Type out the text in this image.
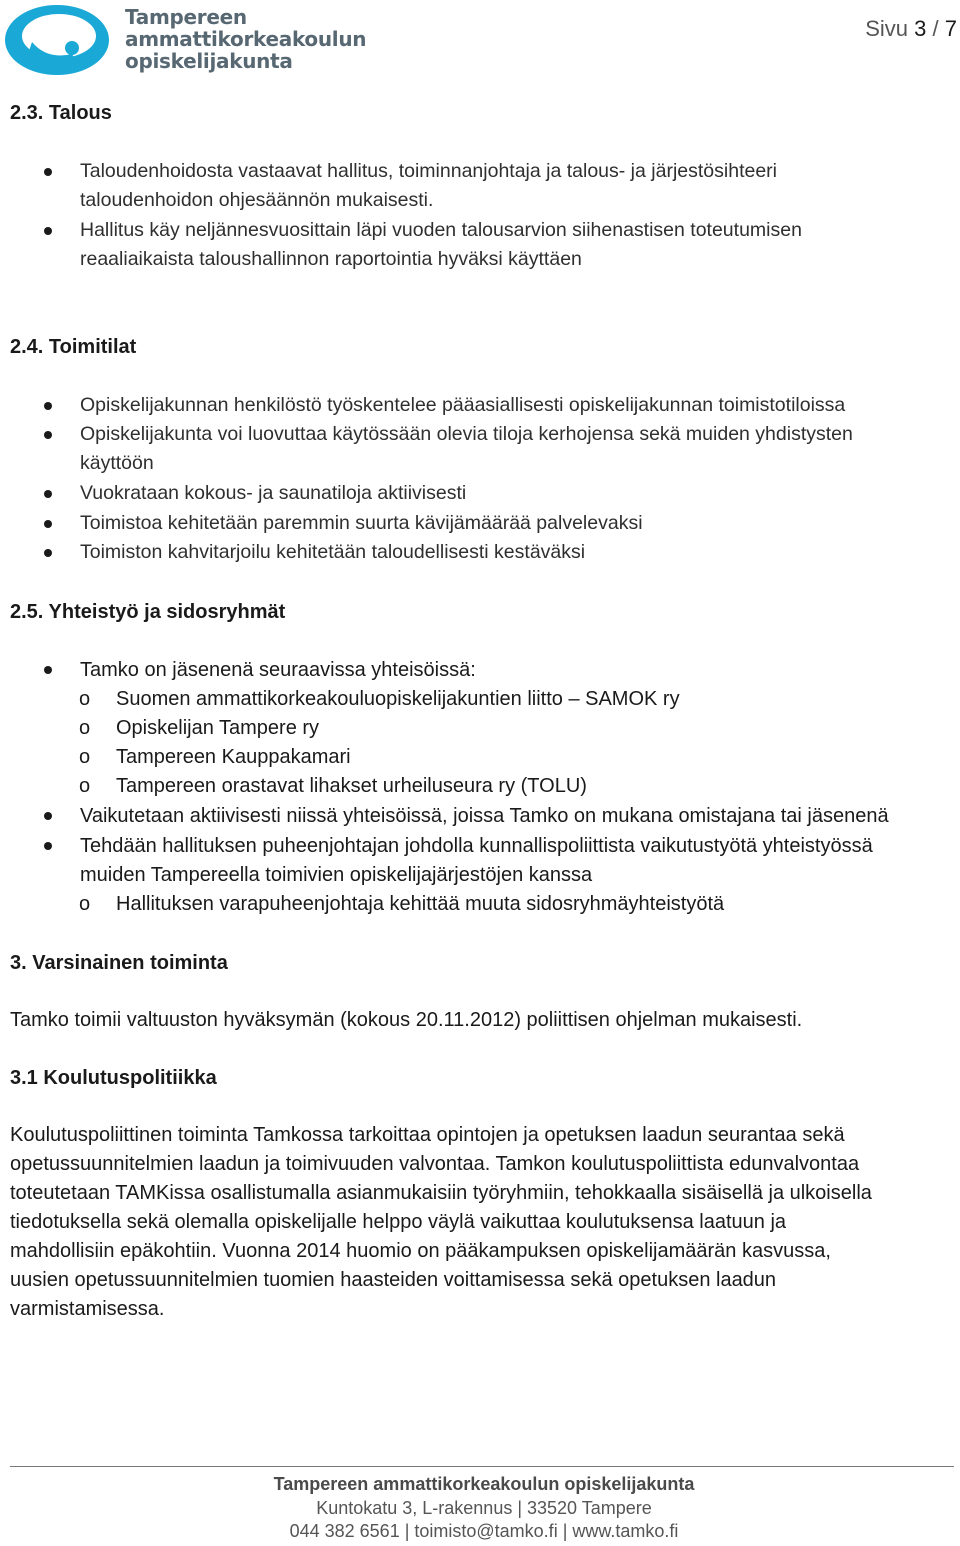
Tampereen
ammattikorkeakoulun
opiskelijakunta
Sivu 3 / 7
2.3. Talous
Taloudenhoidosta vastaavat hallitus, toiminnanjohtaja ja talous- ja järjestösihteeri
taloudenhoidon ohjesäännön mukaisesti.
Hallitus käy neljännesvuosittain läpi vuoden talousarvion siihenastisen toteutumisen
reaaliaikaista taloushallinnon raportointia hyväksi käyttäen
2.4. Toimitilat
Opiskelijakunnan henkilöstö työskentelee pääasiallisesti opiskelijakunnan toimistotiloissa
Opiskelijakunta voi luovuttaa käytössään olevia tiloja kerhojensa sekä muiden yhdistysten
käyttöön
Vuokrataan kokous- ja saunatiloja aktiivisesti
Toimistoa kehitetään paremmin suurta kävijämäärää palvelevaksi
Toimiston kahvitarjoilu kehitetään taloudellisesti kestäväksi
2.5. Yhteistyö ja sidosryhmät
Tamko on jäsenenä seuraavissa yhteisöissä:
o Suomen ammattikorkeakouluopiskelijakuntien liitto – SAMOK ry
o Opiskelijan Tampere ry
o Tampereen Kauppakamari
o Tampereen orastavat lihakset urheiluseura ry (TOLU)
Vaikutetaan aktiivisesti niissä yhteisöissä, joissa Tamko on mukana omistajana tai jäsenenä
Tehdään hallituksen puheenjohtajan johdolla kunnallispoliittista vaikutustyötä yhteistyössä
muiden Tampereella toimivien opiskelijajärjestöjen kanssa
o Hallituksen varapuheenjohtaja kehittää muuta sidosryhmäyhteistyötä
3. Varsinainen toiminta
Tamko toimii valtuuston hyväksymän (kokous 20.11.2012) poliittisen ohjelman mukaisesti.
3.1 Koulutuspolitiikka
Koulutuspoliittinen toiminta Tamkossa tarkoittaa opintojen ja opetuksen laadun seurantaa sekä
opetussuunnitelmien laadun ja toimivuuden valvontaa. Tamkon koulutuspoliittista edunvalvontaa
toteutetaan TAMKissa osallistumalla asianmukaisiin työryhmiin, tehokkaalla sisäisellä ja ulkoisella
tiedotuksella sekä olemalla opiskelijalle helppo väylä vaikuttaa koulutuksensa laatuun ja
mahdollisiin epäkohtiin. Vuonna 2014 huomio on pääkampuksen opiskelijamäärän kasvussa,
uusien opetussuunnitelmien tuomien haasteiden voittamisessa sekä opetuksen laadun
varmistamisessa.
Tampereen ammattikorkeakoulun opiskelijakunta
Kuntokatu 3, L-rakennus | 33520 Tampere
044 382 6561 | toimisto@tamko.fi | www.tamko.fi
